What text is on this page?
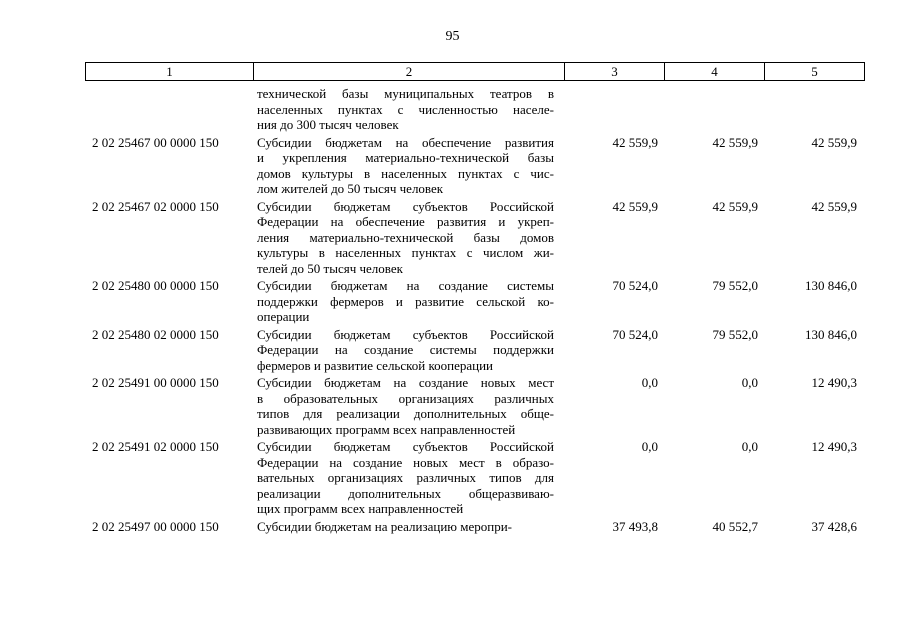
95
1	2	3	4	5
технической базы муниципальных театров в
населенных пунктах с численностью населе-
ния до 300 тысяч человек
2 02 25467 00 0000 150	Субсидии бюджетам на обеспечение развития
и укрепления материально-технической базы
домов культуры в населенных пунктах с чис-
лом жителей до 50 тысяч человек
42 559,9	42 559,9	42 559,9
2 02 25467 02 0000 150	Субсидии бюджетам субъектов Российской
Федерации на обеспечение развития и укреп-
ления материально-технической базы домов
культуры в населенных пунктах с числом жи-
телей до 50 тысяч человек
42 559,9	42 559,9	42 559,9
2 02 25480 00 0000 150	Субсидии бюджетам на создание системы
поддержки фермеров и развитие сельской ко-
операции
70 524,0	79 552,0	130 846,0
2 02 25480 02 0000 150	Субсидии бюджетам субъектов Российской
Федерации на создание системы поддержки
фермеров и развитие сельской кооперации
70 524,0	79 552,0	130 846,0
2 02 25491 00 0000 150	Субсидии бюджетам на создание новых мест
в образовательных организациях различных
типов для реализации дополнительных обще-
развивающих программ всех направленностей
0,0	0,0	12 490,3
2 02 25491 02 0000 150	Субсидии бюджетам субъектов Российской
Федерации на создание новых мест в образо-
вательных организациях различных типов для
реализации дополнительных общеразвиваю-
щих программ всех направленностей
0,0	0,0	12 490,3
2 02 25497 00 0000 150	Субсидии бюджетам на реализацию меропри-	37 493,8	40 552,7	37 428,6
